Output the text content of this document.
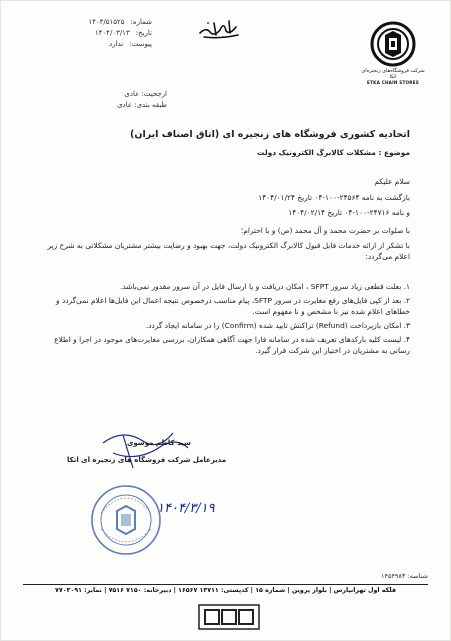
شرکت فروشگاه‌های زنجیره‌ای اتکا
ETKA CHAIN STORES
شماره:
۱۴۰۴/۵۱۵۲۵
تاریخ:
۱۴۰۴/۰۳/۱۳
پیوست:
ندارد
ارجحیت: عادی
طبقه بندی: عادی
اتحادیه کشوری فروشگاه های زنجیره ای (اتاق اصناف ایران)
موضوع : مشکلات کالابرگ الکترونیک دولت
سلام علیکم
بازگشت به نامه ۲۴۵۶۴-۱۰۰-۰۴ تاریخ ۱۴۰۴/۰۱/۲۴
و نامه ۲۴۷۱۶-۱۰۰-۰۴ تاریخ ۱۴۰۴/۰۲/۱۴
با صلوات بر حضرت محمد و آل محمد (ص) و با احترام؛
با تشکر از ارائه خدمات قابل قبول کالابرگ الکترونیک دولت، جهت بهبود و رضایت بیشتر مشتریان مشکلاتی به شرح زیر اعلام می‌گردد:
۱. بعلت قطعی زیاد سرور SFPT ، امکان دریافت و یا ارسال فایل در آن سرور مقدور نمی‌باشد.
۲. بعد از کپی فایل‌های رفع مغایرت در سرور SFTP، پیام مناسب درخصوص نتیجه اعمال این فایل‌ها اعلام نمی‌گردد و خطاهای اعلام شده نیز نا مشخص و نا مفهوم است.
۳. امکان بازپرداخت (Refund) تراکنش تایید شده (Confirm) را در سامانه ایجاد گردد.
۴. لیست کلیه بارکدهای تعریف شده در سامانه فارا جهت آگاهی همکاران، بررسی مغایرت‌های موجود در اجرا و اطلاع رسانی به مشتریان در اختیار این شرکت قرار گیرد.
سید کاظم موسوی
مدیرعامل شرکت فروشگاه های زنجیره ای اتکا
۱۴۰۴/۳/۱۹
شناسه: ۱۴۵۴۹۸۳
فلکه اول تهرانپارس | بلوار پروین | شماره ۱۵ | کدپستی: ۱۳۷۱۱ ۱۶۵۶۷ | دبیرخانه: ۷۱۵۰ ۷۵۱۶ | نمابر: ۷۷۰۳۰۹۱
